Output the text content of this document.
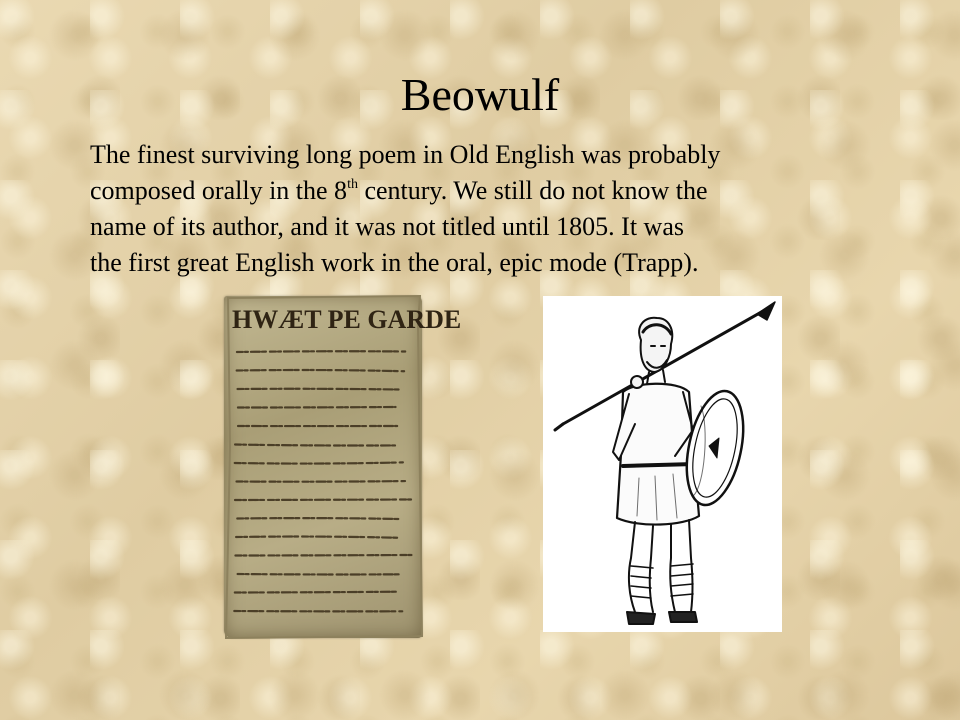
Beowulf
The finest surviving long poem in Old English was probably
composed orally in the 8th century. We still do not know the
name of its author, and it was not titled until 1805. It was
the first great English work in the oral, epic mode (Trapp).
HWÆT PE GARDE
